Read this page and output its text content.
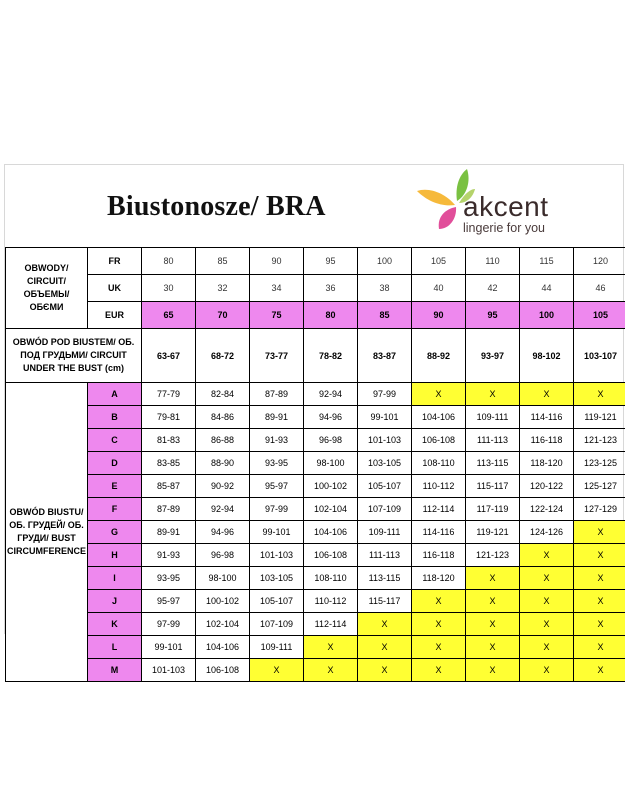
Biustonosze/ BRA	akcent
lingerie for you
OBWODY/ CIRCUIT/ ОБЪЕМЫ/ ОБЄМИ	FR	80	85	90	95	100	105	110	115	120
	UK	30	32	34	36	38	40	42	44	46
	EUR	65	70	75	80	85	90	95	100	105
OBWÓD POD BIUSTEM/ ОБ. ПОД ГРУДЬМИ/ CIRCUIT UNDER THE BUST (cm)		63-67	68-72	73-77	78-82	83-87	88-92	93-97	98-102	103-107
OBWÓD BIUSTU/ ОБ. ГРУДЕЙ/ ОБ. ГРУДИ/ BUST CIRCUMFERENCE	A	77-79	82-84	87-89	92-94	97-99	X	X	X	X
	B	79-81	84-86	89-91	94-96	99-101	104-106	109-111	114-116	119-121
	C	81-83	86-88	91-93	96-98	101-103	106-108	111-113	116-118	121-123
	D	83-85	88-90	93-95	98-100	103-105	108-110	113-115	118-120	123-125
	E	85-87	90-92	95-97	100-102	105-107	110-112	115-117	120-122	125-127
	F	87-89	92-94	97-99	102-104	107-109	112-114	117-119	122-124	127-129
	G	89-91	94-96	99-101	104-106	109-111	114-116	119-121	124-126	X
	H	91-93	96-98	101-103	106-108	111-113	116-118	121-123	X	X
	I	93-95	98-100	103-105	108-110	113-115	118-120	X	X	X
	J	95-97	100-102	105-107	110-112	115-117	X	X	X	X
	K	97-99	102-104	107-109	112-114	X	X	X	X	X
	L	99-101	104-106	109-111	X	X	X	X	X	X
	M	101-103	106-108	X	X	X	X	X	X	X
